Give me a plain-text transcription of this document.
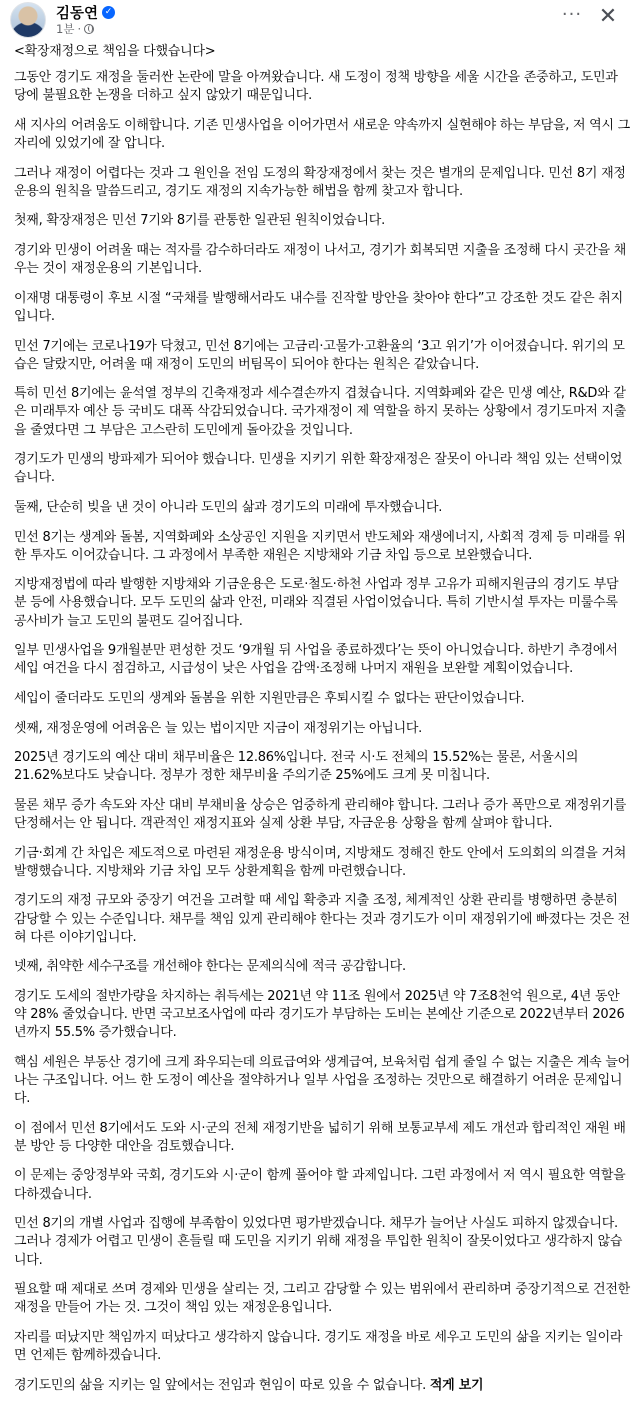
김동연 ✓
1분 ·
··· ✕

<확장재정으로 책임을 다했습니다>

그동안 경기도 재정을 둘러싼 논란에 말을 아껴왔습니다. 새 도정이 정책 방향을 세울 시간을 존중하고, 도민과 당에 불필요한 논쟁을 더하고 싶지 않았기 때문입니다.

새 지사의 어려움도 이해합니다. 기존 민생사업을 이어가면서 새로운 약속까지 실현해야 하는 부담을, 저 역시 그 자리에 있었기에 잘 압니다.

그러나 재정이 어렵다는 것과 그 원인을 전임 도정의 확장재정에서 찾는 것은 별개의 문제입니다. 민선 8기 재정운용의 원칙을 말씀드리고, 경기도 재정의 지속가능한 해법을 함께 찾고자 합니다.

첫째, 확장재정은 민선 7기와 8기를 관통한 일관된 원칙이었습니다.

경기와 민생이 어려울 때는 적자를 감수하더라도 재정이 나서고, 경기가 회복되면 지출을 조정해 다시 곳간을 채우는 것이 재정운용의 기본입니다.

이재명 대통령이 후보 시절 “국채를 발행해서라도 내수를 진작할 방안을 찾아야 한다”고 강조한 것도 같은 취지입니다.

민선 7기에는 코로나19가 닥쳤고, 민선 8기에는 고금리·고물가·고환율의 ‘3고 위기’가 이어졌습니다. 위기의 모습은 달랐지만, 어려울 때 재정이 도민의 버팀목이 되어야 한다는 원칙은 같았습니다.

특히 민선 8기에는 윤석열 정부의 긴축재정과 세수결손까지 겹쳤습니다. 지역화폐와 같은 민생 예산, R&D와 같은 미래투자 예산 등 국비도 대폭 삭감되었습니다. 국가재정이 제 역할을 하지 못하는 상황에서 경기도마저 지출을 줄였다면 그 부담은 고스란히 도민에게 돌아갔을 것입니다.

경기도가 민생의 방파제가 되어야 했습니다. 민생을 지키기 위한 확장재정은 잘못이 아니라 책임 있는 선택이었습니다.

둘째, 단순히 빚을 낸 것이 아니라 도민의 삶과 경기도의 미래에 투자했습니다.

민선 8기는 생계와 돌봄, 지역화폐와 소상공인 지원을 지키면서 반도체와 재생에너지, 사회적 경제 등 미래를 위한 투자도 이어갔습니다. 그 과정에서 부족한 재원은 지방채와 기금 차입 등으로 보완했습니다.

지방재정법에 따라 발행한 지방채와 기금운용은 도로·철도·하천 사업과 정부 고유가 피해지원금의 경기도 부담분 등에 사용했습니다. 모두 도민의 삶과 안전, 미래와 직결된 사업이었습니다. 특히 기반시설 투자는 미룰수록 공사비가 늘고 도민의 불편도 길어집니다.

일부 민생사업을 9개월분만 편성한 것도 ‘9개월 뒤 사업을 종료하겠다’는 뜻이 아니었습니다. 하반기 추경에서 세입 여건을 다시 점검하고, 시급성이 낮은 사업을 감액·조정해 나머지 재원을 보완할 계획이었습니다.

세입이 줄더라도 도민의 생계와 돌봄을 위한 지원만큼은 후퇴시킬 수 없다는 판단이었습니다.

셋째, 재정운영에 어려움은 늘 있는 법이지만 지금이 재정위기는 아닙니다.

2025년 경기도의 예산 대비 채무비율은 12.86%입니다. 전국 시·도 전체의 15.52%는 물론, 서울시의 21.62%보다도 낮습니다. 정부가 정한 채무비율 주의기준 25%에도 크게 못 미칩니다.

물론 채무 증가 속도와 자산 대비 부채비율 상승은 엄중하게 관리해야 합니다. 그러나 증가 폭만으로 재정위기를 단정해서는 안 됩니다. 객관적인 재정지표와 실제 상환 부담, 자금운용 상황을 함께 살펴야 합니다.

기금·회계 간 차입은 제도적으로 마련된 재정운용 방식이며, 지방채도 정해진 한도 안에서 도의회의 의결을 거쳐 발행했습니다. 지방채와 기금 차입 모두 상환계획을 함께 마련했습니다.

경기도의 재정 규모와 중장기 여건을 고려할 때 세입 확충과 지출 조정, 체계적인 상환 관리를 병행하면 충분히 감당할 수 있는 수준입니다. 채무를 책임 있게 관리해야 한다는 것과 경기도가 이미 재정위기에 빠졌다는 것은 전혀 다른 이야기입니다.

넷째, 취약한 세수구조를 개선해야 한다는 문제의식에 적극 공감합니다.

경기도 도세의 절반가량을 차지하는 취득세는 2021년 약 11조 원에서 2025년 약 7조8천억 원으로, 4년 동안 약 28% 줄었습니다. 반면 국고보조사업에 따라 경기도가 부담하는 도비는 본예산 기준으로 2022년부터 2026년까지 55.5% 증가했습니다.

핵심 세원은 부동산 경기에 크게 좌우되는데 의료급여와 생계급여, 보육처럼 쉽게 줄일 수 없는 지출은 계속 늘어나는 구조입니다. 어느 한 도정이 예산을 절약하거나 일부 사업을 조정하는 것만으로 해결하기 어려운 문제입니다.

이 점에서 민선 8기에서도 도와 시·군의 전체 재정기반을 넓히기 위해 보통교부세 제도 개선과 합리적인 재원 배분 방안 등 다양한 대안을 검토했습니다.

이 문제는 중앙정부와 국회, 경기도와 시·군이 함께 풀어야 할 과제입니다. 그런 과정에서 저 역시 필요한 역할을 다하겠습니다.

민선 8기의 개별 사업과 집행에 부족함이 있었다면 평가받겠습니다. 채무가 늘어난 사실도 피하지 않겠습니다. 그러나 경제가 어렵고 민생이 흔들릴 때 도민을 지키기 위해 재정을 투입한 원칙이 잘못이었다고 생각하지 않습니다.

필요할 때 제대로 쓰며 경제와 민생을 살리는 것, 그리고 감당할 수 있는 범위에서 관리하며 중장기적으로 건전한 재정을 만들어 가는 것. 그것이 책임 있는 재정운용입니다.

자리를 떠났지만 책임까지 떠났다고 생각하지 않습니다. 경기도 재정을 바로 세우고 도민의 삶을 지키는 일이라면 언제든 함께하겠습니다.

경기도민의 삶을 지키는 일 앞에서는 전임과 현임이 따로 있을 수 없습니다. 적게 보기
